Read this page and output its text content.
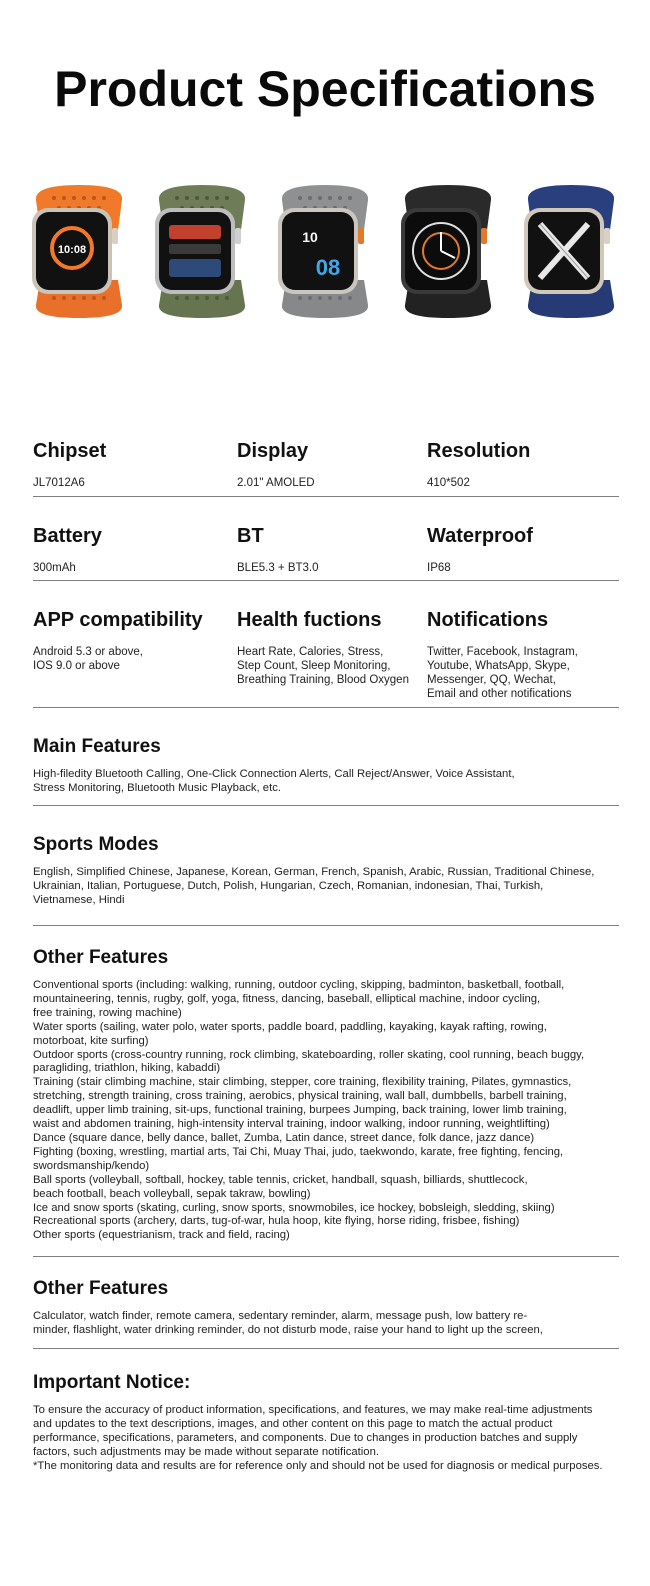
Product Specifications
10:08
10
08
Chipset
JL7012A6
Display
2.01" AMOLED
Resolution
410*502
Battery
300mAh
BT
BLE5.3 + BT3.0
Waterproof
IP68
APP compatibility
Android 5.3 or above,
IOS 9.0 or above
Health fuctions
Heart Rate, Calories, Stress,
Step Count, Sleep Monitoring,
Breathing Training, Blood Oxygen
Notifications
Twitter, Facebook, Instagram,
Youtube, WhatsApp, Skype,
Messenger, QQ, Wechat,
Email and other notifications
Main Features
High-filedity Bluetooth Calling, One-Click Connection Alerts, Call Reject/Answer, Voice Assistant,
Stress Monitoring, Bluetooth Music Playback, etc.
Sports Modes
English, Simplified Chinese, Japanese, Korean, German, French, Spanish, Arabic, Russian, Traditional Chinese,
Ukrainian, Italian, Portuguese, Dutch, Polish, Hungarian, Czech, Romanian, indonesian, Thai, Turkish,
Vietnamese, Hindi
Other Features
Conventional sports (including: walking, running, outdoor cycling, skipping, badminton, basketball, football,
mountaineering, tennis, rugby, golf, yoga, fitness, dancing, baseball, elliptical machine, indoor cycling,
free training, rowing machine)
Water sports (sailing, water polo, water sports, paddle board, paddling, kayaking, kayak rafting, rowing,
motorboat, kite surfing)
Outdoor sports (cross-country running, rock climbing, skateboarding, roller skating, cool running, beach buggy,
paragliding, triathlon, hiking, kabaddi)
Training (stair climbing machine, stair climbing, stepper, core training, flexibility training, Pilates, gymnastics,
stretching, strength training, cross training, aerobics, physical training, wall ball, dumbbells, barbell training,
deadlift, upper limb training, sit-ups, functional training, burpees Jumping, back training, lower limb training,
waist and abdomen training, high-intensity interval training, indoor walking, indoor running, weightlifting)
Dance (square dance, belly dance, ballet, Zumba, Latin dance, street dance, folk dance, jazz dance)
Fighting (boxing, wrestling, martial arts, Tai Chi, Muay Thai, judo, taekwondo, karate, free fighting, fencing,
swordsmanship/kendo)
Ball sports (volleyball, softball, hockey, table tennis, cricket, handball, squash, billiards, shuttlecock,
beach football, beach volleyball, sepak takraw, bowling)
Ice and snow sports (skating, curling, snow sports, snowmobiles, ice hockey, bobsleigh, sledding, skiing)
Recreational sports (archery, darts, tug-of-war, hula hoop, kite flying, horse riding, frisbee, fishing)
Other sports (equestrianism, track and field, racing)
Other Features
Calculator, watch finder, remote camera, sedentary reminder, alarm, message push, low battery re-
minder, flashlight, water drinking reminder, do not disturb mode, raise your hand to light up the screen,
Important Notice:
To ensure the accuracy of product information, specifications, and features, we may make real-time adjustments
and updates to the text descriptions, images, and other content on this page to match the actual product
performance, specifications, parameters, and components. Due to changes in production batches and supply
factors, such adjustments may be made without separate notification.
*The monitoring data and results are for reference only and should not be used for diagnosis or medical purposes.
